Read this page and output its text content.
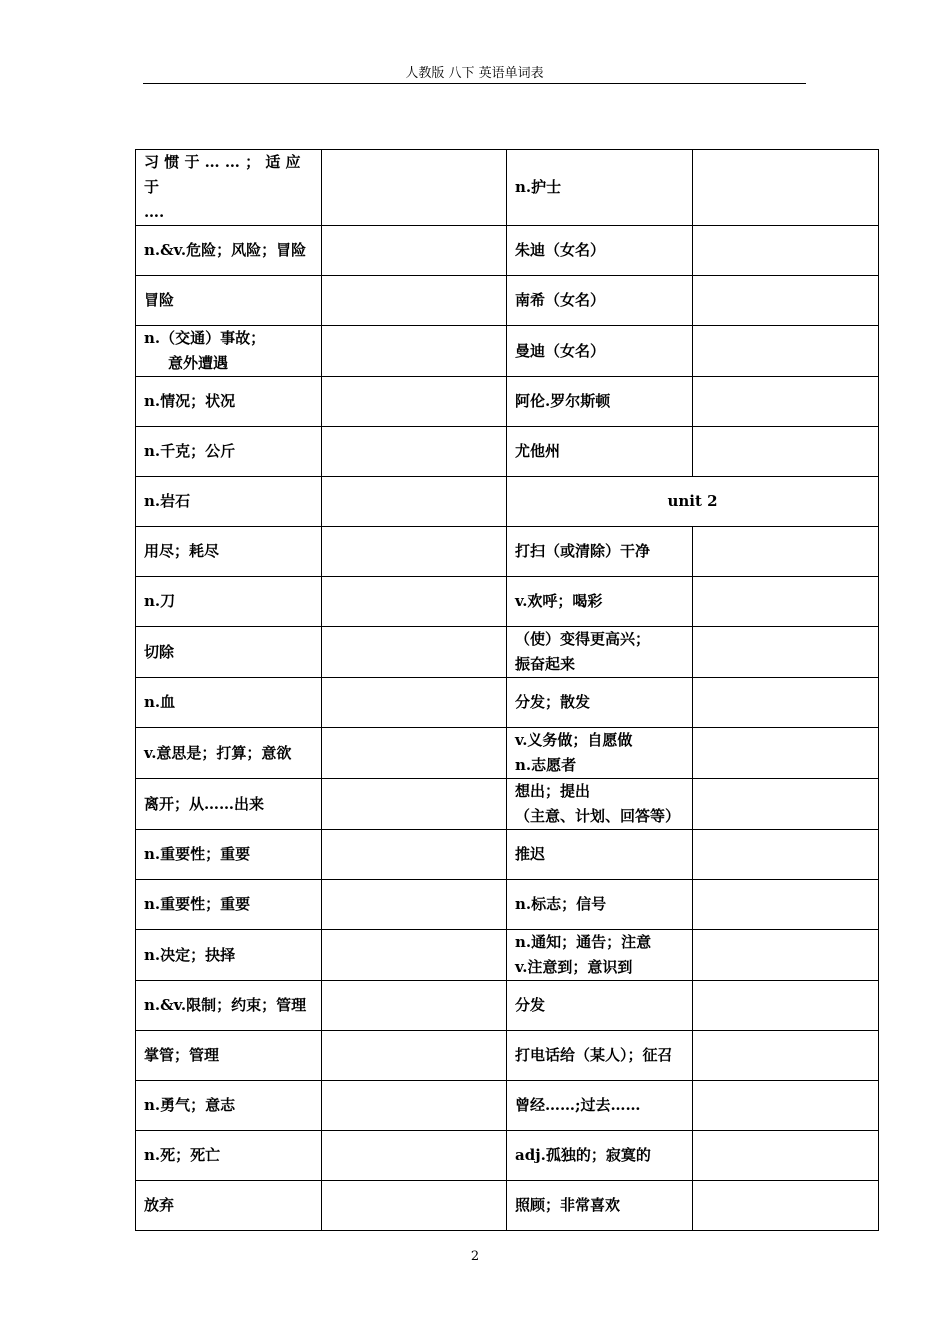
人教版 八下 英语单词表
习 惯 于 … … ； 适 应 于
….		n.护士	

n.&v.危险；风险；冒险		朱迪（女名）	

冒险		南希（女名）	

n.（交通）事故；
意外遭遇		曼迪（女名）	

n.情况；状况		阿伦.罗尔斯顿	

n.千克；公斤		尤他州	

n.岩石		unit 2	

用尽；耗尽		打扫（或清除）干净	

n.刀		v.欢呼；喝彩	

切除		（使）变得更高兴；
振奋起来	

n.血		分发；散发	

v.意思是；打算；意欲		v.义务做；自愿做
n.志愿者	

离开；从……出来		想出；提出
（主意、计划、回答等）	

n.重要性；重要		推迟	

n.重要性；重要		n.标志；信号	

n.决定；抉择		n.通知；通告；注意
v.注意到；意识到	

n.&v.限制；约束；管理		分发	

掌管；管理		打电话给（某人）；征召	

n.勇气；意志		曾经……;过去……	

n.死；死亡		adj.孤独的；寂寞的	

放弃		照顾；非常喜欢	

2
